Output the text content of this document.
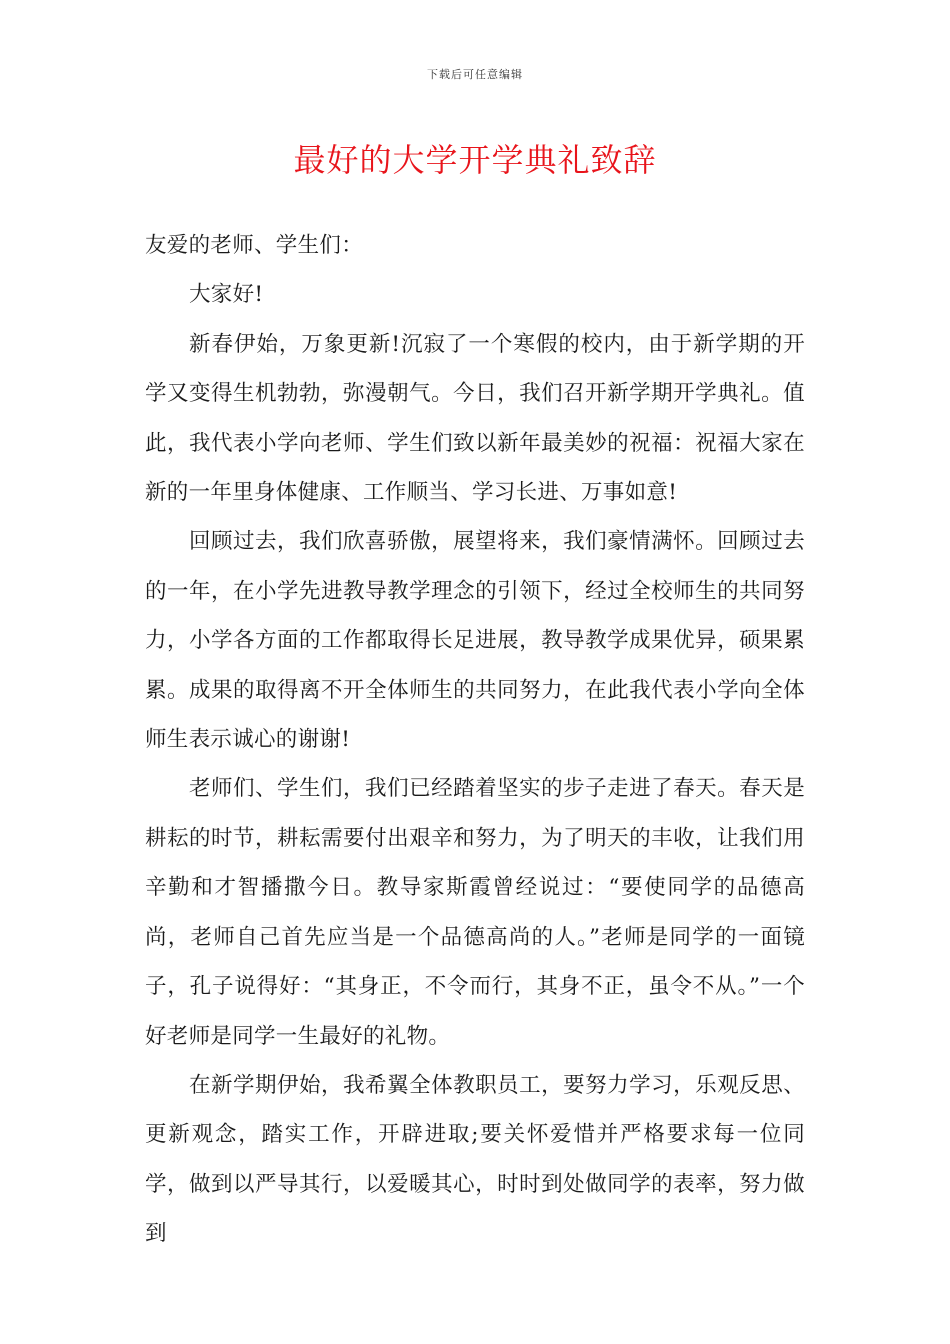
下载后可任意编辑
最好的大学开学典礼致辞

友爱的老师、学生们：

大家好!

新春伊始，万象更新!沉寂了一个寒假的校内，由于新学期的开学又变得生机勃勃，弥漫朝气。今日，我们召开新学期开学典礼。值此，我代表小学向老师、学生们致以新年最美妙的祝福：祝福大家在新的一年里身体健康、工作顺当、学习长进、万事如意!

回顾过去，我们欣喜骄傲，展望将来，我们豪情满怀。回顾过去的一年，在小学先进教导教学理念的引领下，经过全校师生的共同努力，小学各方面的工作都取得长足进展，教导教学成果优异，硕果累累。成果的取得离不开全体师生的共同努力，在此我代表小学向全体师生表示诚心的谢谢!

老师们、学生们，我们已经踏着坚实的步子走进了春天。春天是耕耘的时节，耕耘需要付出艰辛和努力，为了明天的丰收，让我们用辛勤和才智播撒今日。教导家斯霞曾经说过：“要使同学的品德高尚，老师自己首先应当是一个品德高尚的人。”老师是同学的一面镜子，孔子说得好：“其身正，不令而行，其身不正，虽令不从。”一个好老师是同学一生最好的礼物。

在新学期伊始，我希翼全体教职员工，要努力学习，乐观反思、更新观念，踏实工作，开辟进取;要关怀爱惜并严格要求每一位同学，做到以严导其行，以爱暖其心，时时到处做同学的表率，努力做到
